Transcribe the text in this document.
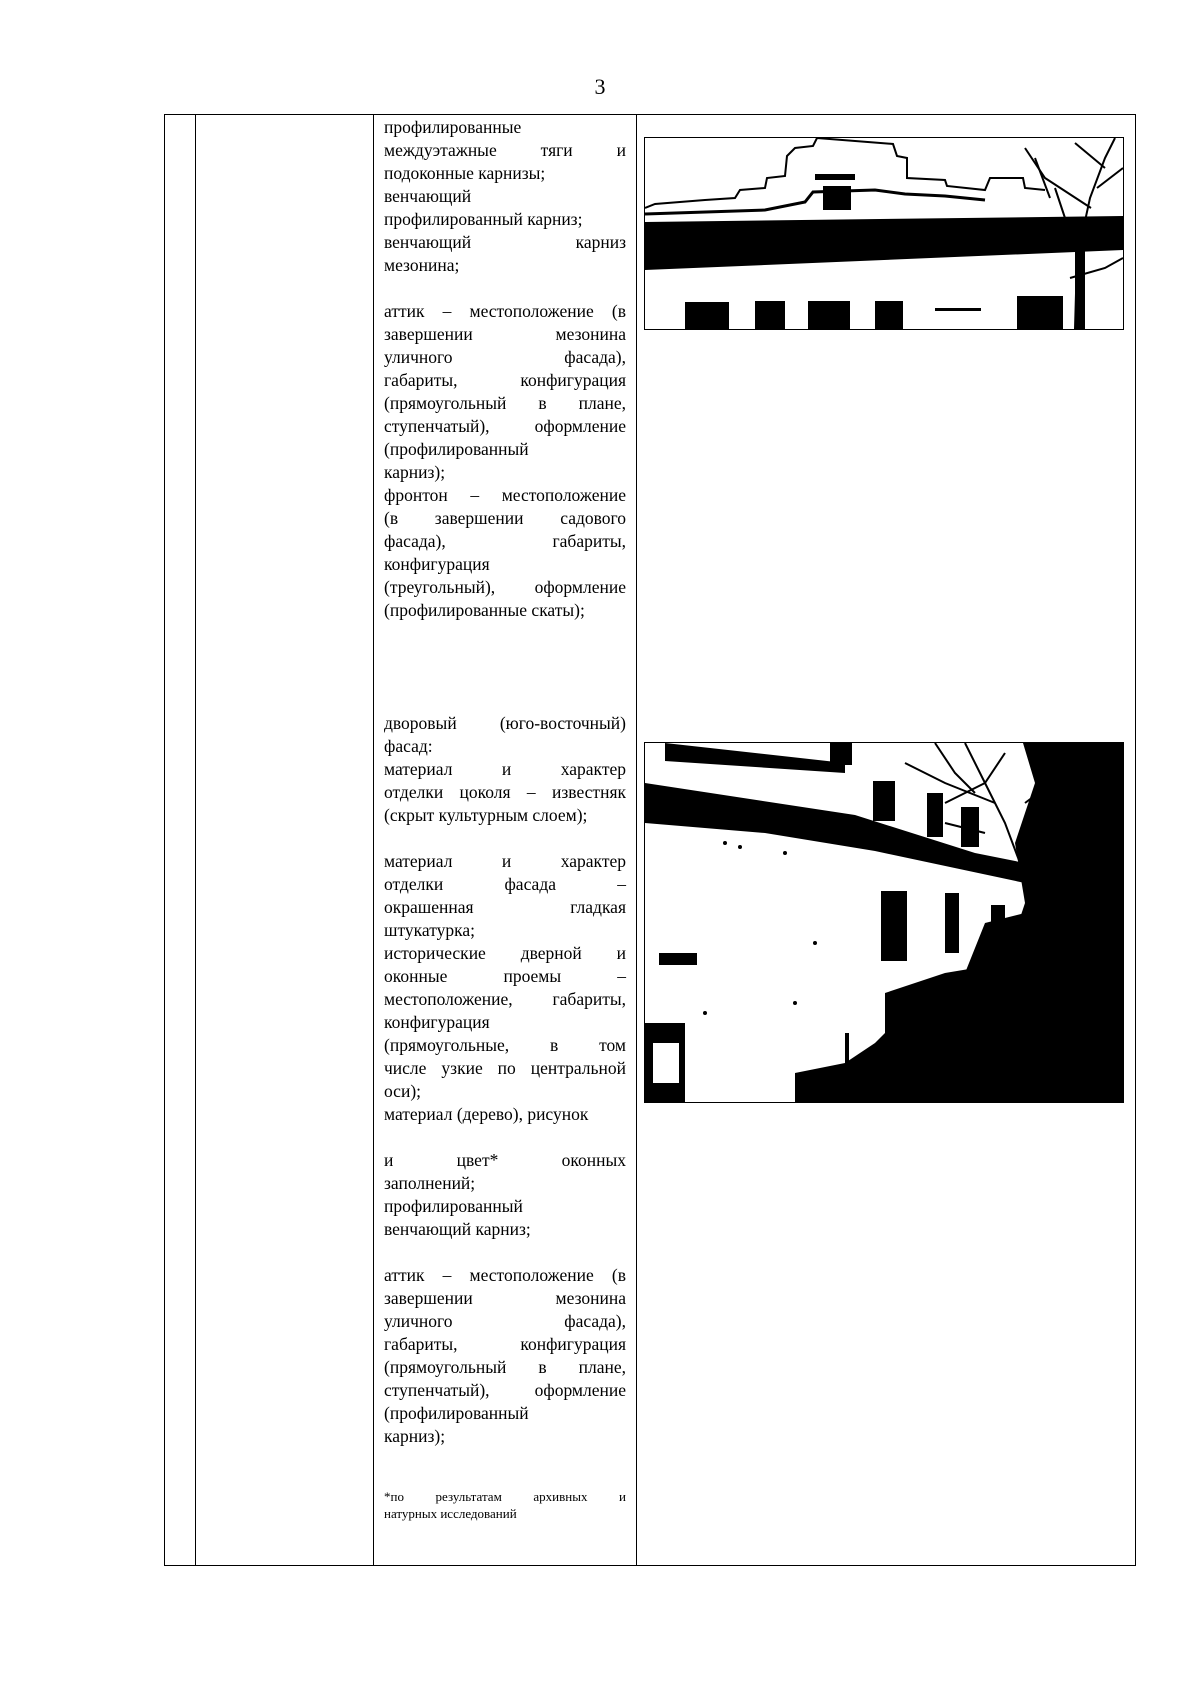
3
профилированные
междуэтажные тяги и
подоконные карнизы;
венчающий
профилированный карниз;
венчающий карниз
мезонина;
аттик – местоположение (в
завершении мезонина
уличного фасада),
габариты, конфигурация
(прямоугольный в плане,
ступенчатый), оформление
(профилированный
карниз);
фронтон – местоположение
(в завершении садового
фасада), габариты,
конфигурация
(треугольный), оформление
(профилированные скаты);
дворовый (юго-восточный)
фасад:
материал и характер
отделки цоколя – известняк
(скрыт культурным слоем);
материал и характер
отделки фасада –
окрашенная гладкая
штукатурка;
исторические дверной и
оконные проемы –
местоположение, габариты,
конфигурация
(прямоугольные, в том
числе узкие по центральной
оси);
материал (дерево), рисунок
и цвет* оконных
заполнений;
профилированный
венчающий карниз;
аттик – местоположение (в
завершении мезонина
уличного фасада),
габариты, конфигурация
(прямоугольный в плане,
ступенчатый), оформление
(профилированный
карниз);
*по результатам архивных и
натурных исследований
